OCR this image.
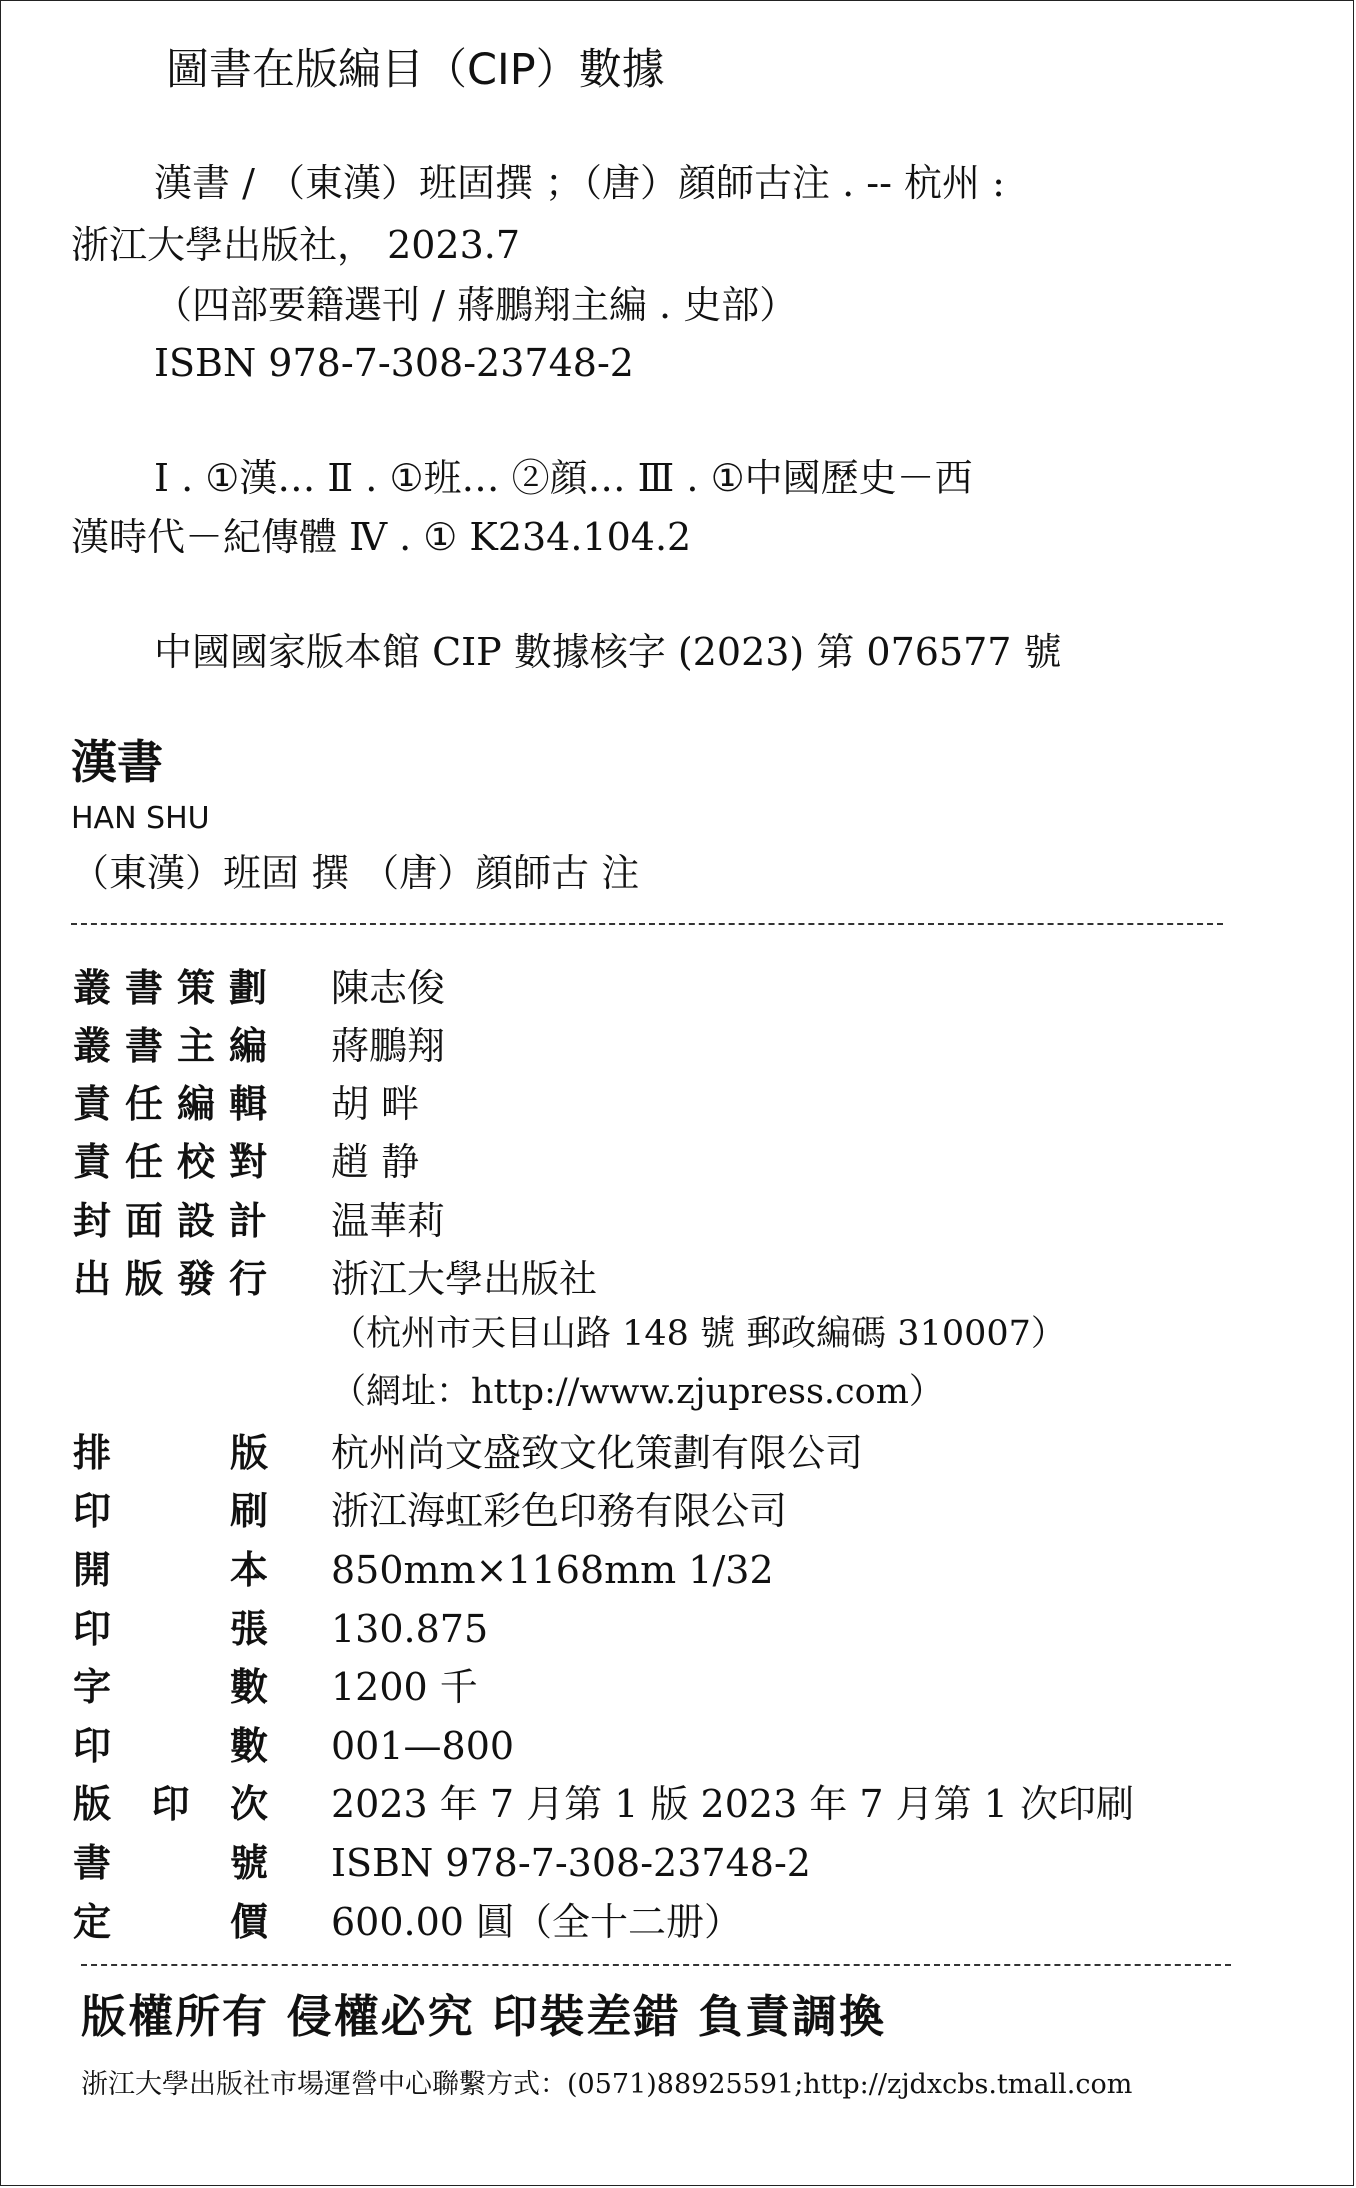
圖書在版編目（CIP）數據
漢書 / （東漢）班固撰 ；（唐）顔師古注 . -- 杭州 :
浙江大學出版社， 2023.7
（四部要籍選刊 / 蔣鵬翔主編 . 史部）
ISBN 978-7-308-23748-2
Ⅰ . ①漢… Ⅱ . ①班… ②顔… Ⅲ . ①中國歷史－西
漢時代－紀傳體 Ⅳ . ① K234.104.2
中國國家版本館 CIP 數據核字 (2023) 第 076577 號
漢書
HAN SHU
（東漢）班固 撰 （唐）顔師古 注
叢書策劃 陳志俊
叢書主編 蔣鵬翔
責任編輯 胡 畔
責任校對 趙 静
封面設計 温華莉
出版發行 浙江大學出版社
（杭州市天目山路 148 號 郵政編碼 310007）
（網址：http://www.zjupress.com）
排	版 杭州尚文盛致文化策劃有限公司
印	刷 浙江海虹彩色印務有限公司
開	本 850mm×1168mm 1/32
印	張 130.875
字	數 1200 千
印	數 001—800
版 印 次 2023 年 7 月第 1 版 2023 年 7 月第 1 次印刷
書	號 ISBN 978-7-308-23748-2
定	價 600.00 圓（全十二册）
版權所有 侵權必究 印裝差錯 負責調換
浙江大學出版社市場運營中心聯繫方式：(0571)88925591;http://zjdxcbs.tmall.com
